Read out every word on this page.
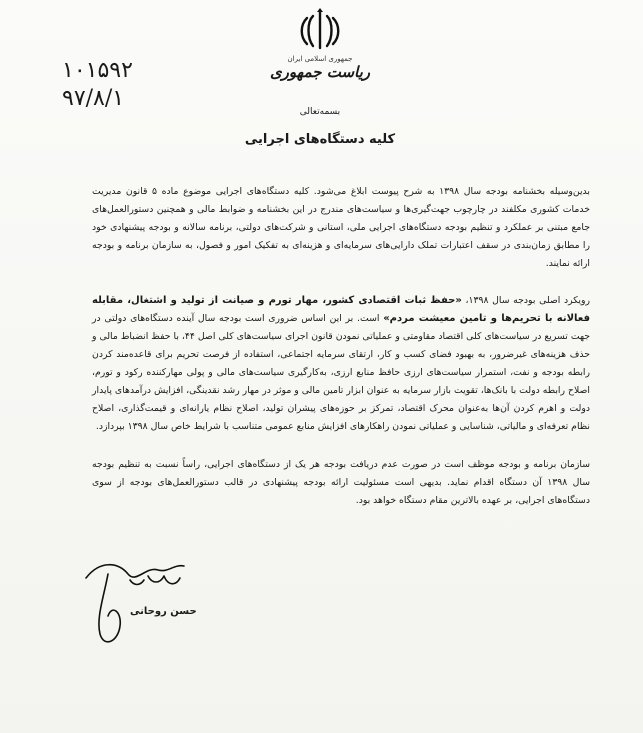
جمهوری اسلامی ایران
ریاست جمهوری
۱۰۱۵۹۲
۹۷/۸/۱
بسمه‌تعالی
کلیه دستگاه‌های اجرایی

بدین‌وسیله بخشنامه بودجه سال ۱۳۹۸ به شرح پیوست ابلاغ می‌شود. کلیه دستگاه‌های اجرایی موضوع ماده ۵ قانون مدیریت خدمات کشوری مکلفند در چارچوب جهت‌گیری‌ها و سیاست‌های مندرج در این بخشنامه و ضوابط مالی و همچنین دستورالعمل‌های جامع مبتنی بر عملکرد و تنظیم بودجه دستگاه‌های اجرایی ملی، استانی و شرکت‌های دولتی، برنامه سالانه و بودجه پیشنهادی خود را مطابق زمان‌بندی در سقف اعتبارات تملک دارایی‌های سرمایه‌ای و هزینه‌ای به تفکیک امور و فصول، به سازمان برنامه و بودجه ارائه نمایند.

رویکرد اصلی بودجه سال ۱۳۹۸، «حفظ ثبات اقتصادی کشور، مهار تورم و صیانت از تولید و اشتغال، مقابله فعالانه با تحریم‌ها و تامین معیشت مردم» است. بر این اساس ضروری است بودجه سال آینده دستگاه‌های دولتی در جهت تسریع در سیاست‌های کلی اقتصاد مقاومتی و عملیاتی نمودن قانون اجرای سیاست‌های کلی اصل ۴۴، با حفظ انضباط مالی و حذف هزینه‌های غیرضرور، به بهبود فضای کسب و کار، ارتقای سرمایه اجتماعی، استفاده از فرصت تحریم برای قاعده‌مند کردن رابطه بودجه و نفت، استمرار سیاست‌های ارزی حافظ منابع ارزی، به‌کارگیری سیاست‌های مالی و پولی مهارکننده رکود و تورم، اصلاح رابطه دولت با بانک‌ها، تقویت بازار سرمایه به عنوان ابزار تامین مالی و موثر در مهار رشد نقدینگی، افزایش درآمدهای پایدار دولت و اهرم کردن آن‌ها به‌عنوان محرک اقتصاد، تمرکز بر حوزه‌های پیشران تولید، اصلاح نظام یارانه‌ای و قیمت‌گذاری، اصلاح نظام تعرفه‌ای و مالیاتی، شناسایی و عملیاتی نمودن راهکارهای افزایش منابع عمومی متناسب با شرایط خاص سال ۱۳۹۸ بپردازد.

سازمان برنامه و بودجه موظف است در صورت عدم دریافت بودجه هر یک از دستگاه‌های اجرایی، راساً نسبت به تنظیم بودجه سال ۱۳۹۸ آن دستگاه اقدام نماید. بدیهی است مسئولیت ارائه بودجه پیشنهادی در قالب دستورالعمل‌های بودجه از سوی دستگاه‌های اجرایی، بر عهده بالاترین مقام دستگاه خواهد بود.

حسن روحانی
